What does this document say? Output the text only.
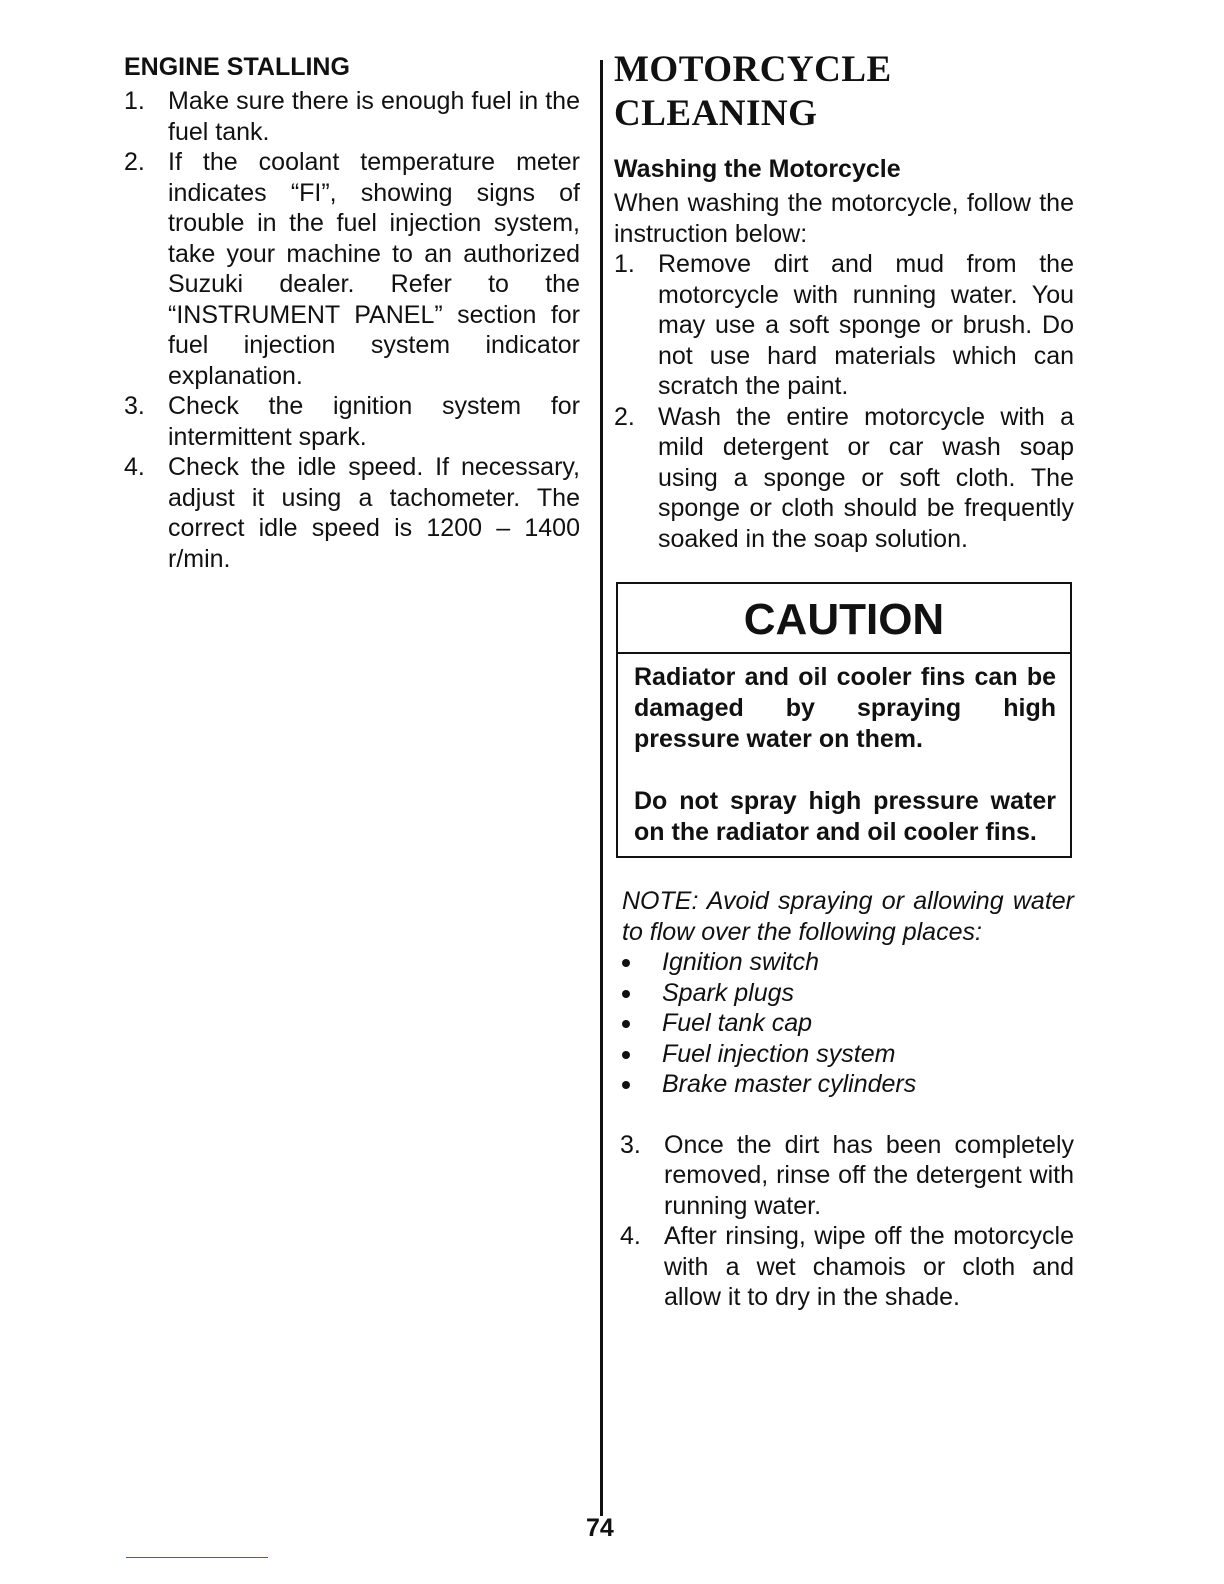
ENGINE STALLING
1. Make sure there is enough fuel in the fuel tank.
2. If the coolant temperature meter indicates “FI”, showing signs of trouble in the fuel injection system, take your machine to an authorized Suzuki dealer. Refer to the “INSTRUMENT PANEL” section for fuel injection system indicator explanation.
3. Check the ignition system for intermittent spark.
4. Check the idle speed. If necessary, adjust it using a tachometer. The correct idle speed is 1200 – 1400 r/min.
MOTORCYCLE CLEANING
Washing the Motorcycle

When washing the motorcycle, follow the instruction below:

1. Remove dirt and mud from the motorcycle with running water. You may use a soft sponge or brush. Do not use hard materials which can scratch the paint.
2. Wash the entire motorcycle with a mild detergent or car wash soap using a sponge or soft cloth. The sponge or cloth should be frequently soaked in the soap solution.
CAUTION

Radiator and oil cooler fins can be damaged by spraying high pressure water on them.

Do not spray high pressure water on the radiator and oil cooler fins.

NOTE: Avoid spraying or allowing water to flow over the following places:

Ignition switch
Spark plugs
Fuel tank cap
Fuel injection system
Brake master cylinders
3. Once the dirt has been completely removed, rinse off the detergent with running water.
4. After rinsing, wipe off the motorcycle with a wet chamois or cloth and allow it to dry in the shade.
74
